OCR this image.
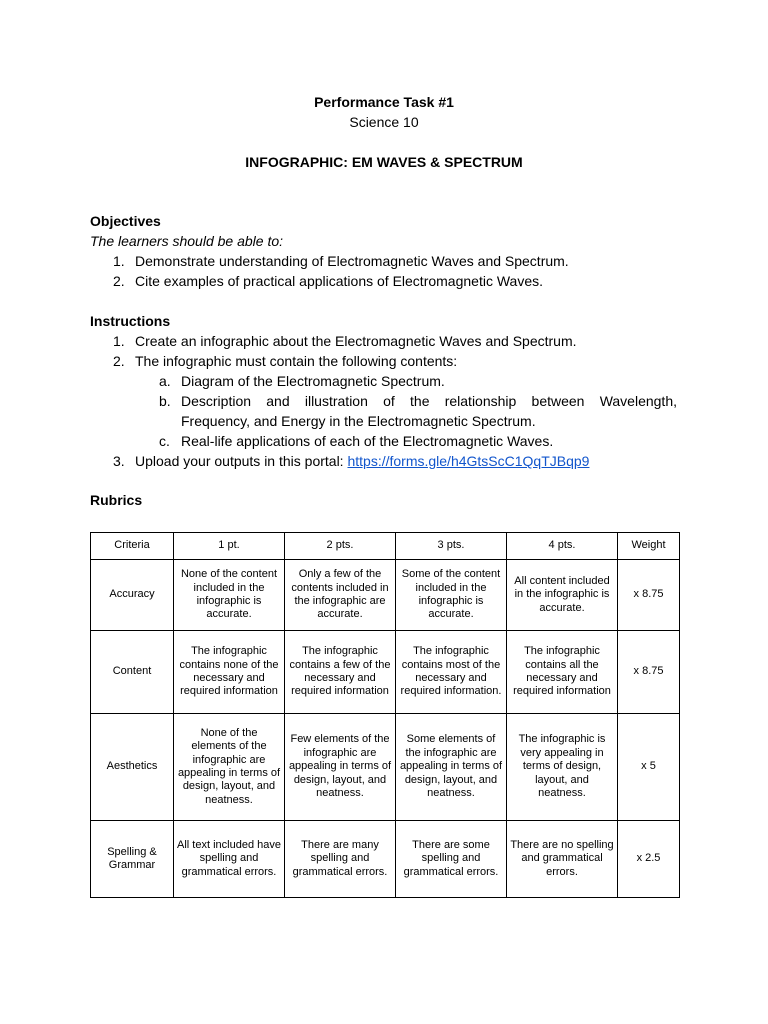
Performance Task #1
Science 10
INFOGRAPHIC: EM WAVES & SPECTRUM
Objectives
The learners should be able to:
1. Demonstrate understanding of Electromagnetic Waves and Spectrum.
2. Cite examples of practical applications of Electromagnetic Waves.
Instructions
1. Create an infographic about the Electromagnetic Waves and Spectrum.
2. The infographic must contain the following contents:
a. Diagram of the Electromagnetic Spectrum.
b. Description and illustration of the relationship between Wavelength,
Frequency, and Energy in the Electromagnetic Spectrum.
c. Real-life applications of each of the Electromagnetic Waves.
3. Upload your outputs in this portal: https://forms.gle/h4GtsScC1QqTJBqp9
Rubrics
Criteria	1 pt.	2 pts.	3 pts.	4 pts.	Weight
Accuracy	None of the content included in the infographic is accurate.	Only a few of the contents included in the infographic are accurate.	Some of the content included in the infographic is accurate.	All content included in the infographic is accurate.	x 8.75
Content	The infographic contains none of the necessary and required information	The infographic contains a few of the necessary and required information	The infographic contains most of the necessary and required information.	The infographic contains all the necessary and required information	x 8.75
Aesthetics	None of the elements of the infographic are appealing in terms of design, layout, and neatness.	Few elements of the infographic are appealing in terms of design, layout, and neatness.	Some elements of the infographic are appealing in terms of design, layout, and neatness.	The infographic is very appealing in terms of design, layout, and neatness.	x 5
Spelling & Grammar	All text included have spelling and grammatical errors.	There are many spelling and grammatical errors.	There are some spelling and grammatical errors.	There are no spelling and grammatical errors.	x 2.5
